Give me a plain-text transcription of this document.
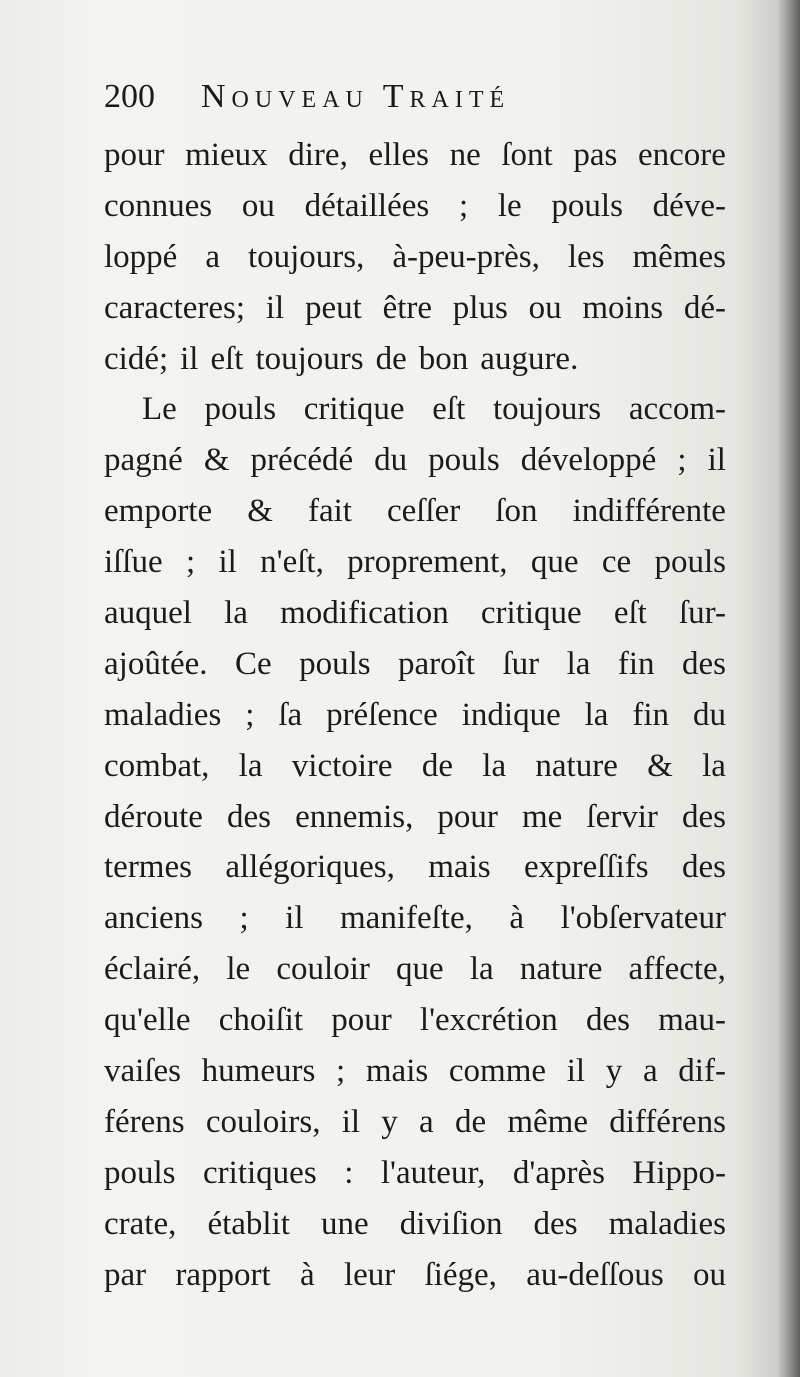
200 Nouveau Traité
pour mieux dire, elles ne ſont pas encore
connues ou détaillées ; le pouls déve-
loppé a toujours, à-peu-près, les mêmes
caracteres; il peut être plus ou moins dé-
cidé; il eſt toujours de bon augure.
Le pouls critique eſt toujours accom-
pagné & précédé du pouls développé ; il
emporte & fait ceſſer ſon indifférente
iſſue ; il n'eſt, proprement, que ce pouls
auquel la modification critique eſt ſur-
ajoûtée. Ce pouls paroît ſur la fin des
maladies ; ſa préſence indique la fin du
combat, la victoire de la nature & la
déroute des ennemis, pour me ſervir des
termes allégoriques, mais expreſſifs des
anciens ; il manifeſte, à l'obſervateur
éclairé, le couloir que la nature affecte,
qu'elle choiſit pour l'excrétion des mau-
vaiſes humeurs ; mais comme il y a dif-
férens couloirs, il y a de même différens
pouls critiques : l'auteur, d'après Hippo-
crate, établit une diviſion des maladies
par rapport à leur ſiége, au-deſſous ou
